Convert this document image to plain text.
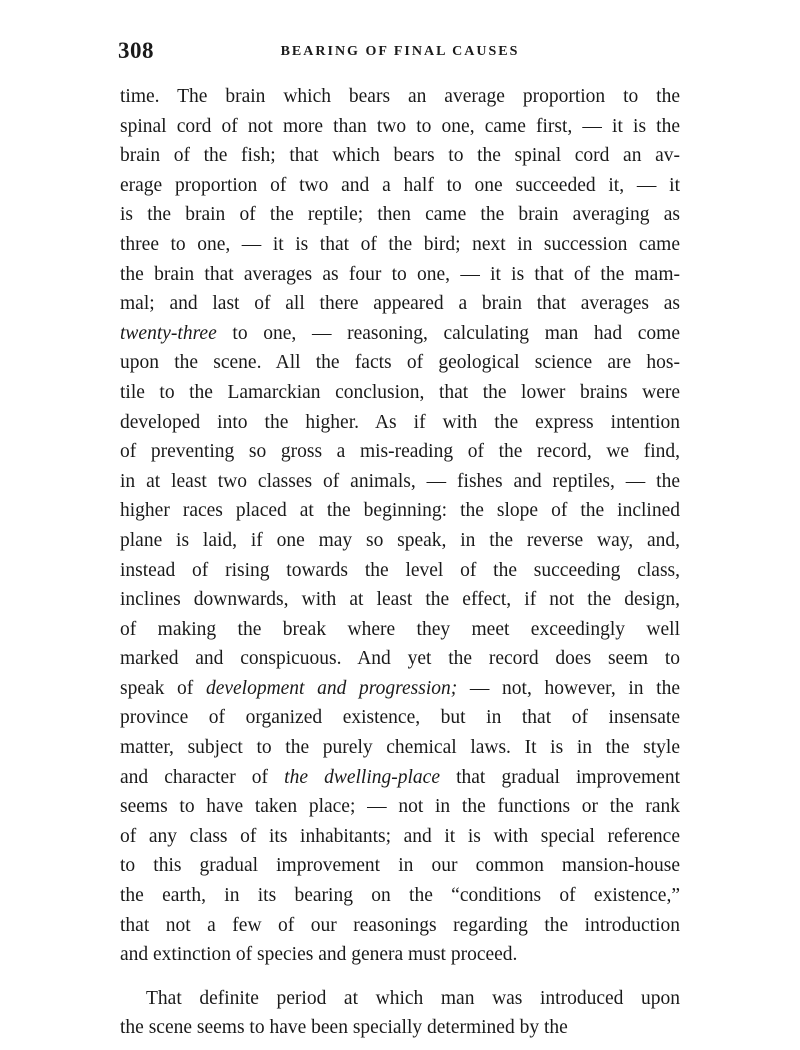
308	BEARING OF FINAL CAUSES
time. The brain which bears an average proportion to the
spinal cord of not more than two to one, came first, — it is the
brain of the fish; that which bears to the spinal cord an av-
erage proportion of two and a half to one succeeded it, — it
is the brain of the reptile; then came the brain averaging as
three to one, — it is that of the bird; next in succession came
the brain that averages as four to one, — it is that of the mam-
mal; and last of all there appeared a brain that averages as
twenty-three to one, — reasoning, calculating man had come
upon the scene. All the facts of geological science are hos-
tile to the Lamarckian conclusion, that the lower brains were
developed into the higher. As if with the express intention
of preventing so gross a mis-reading of the record, we find,
in at least two classes of animals, — fishes and reptiles, — the
higher races placed at the beginning: the slope of the inclined
plane is laid, if one may so speak, in the reverse way, and,
instead of rising towards the level of the succeeding class,
inclines downwards, with at least the effect, if not the design,
of making the break where they meet exceedingly well
marked and conspicuous. And yet the record does seem to
speak of development and progression; — not, however, in the
province of organized existence, but in that of insensate
matter, subject to the purely chemical laws. It is in the style
and character of the dwelling-place that gradual improvement
seems to have taken place; — not in the functions or the rank
of any class of its inhabitants; and it is with special reference
to this gradual improvement in our common mansion-house
the earth, in its bearing on the “conditions of existence,”
that not a few of our reasonings regarding the introduction
and extinction of species and genera must proceed.
That definite period at which man was introduced upon
the scene seems to have been specially determined by the
